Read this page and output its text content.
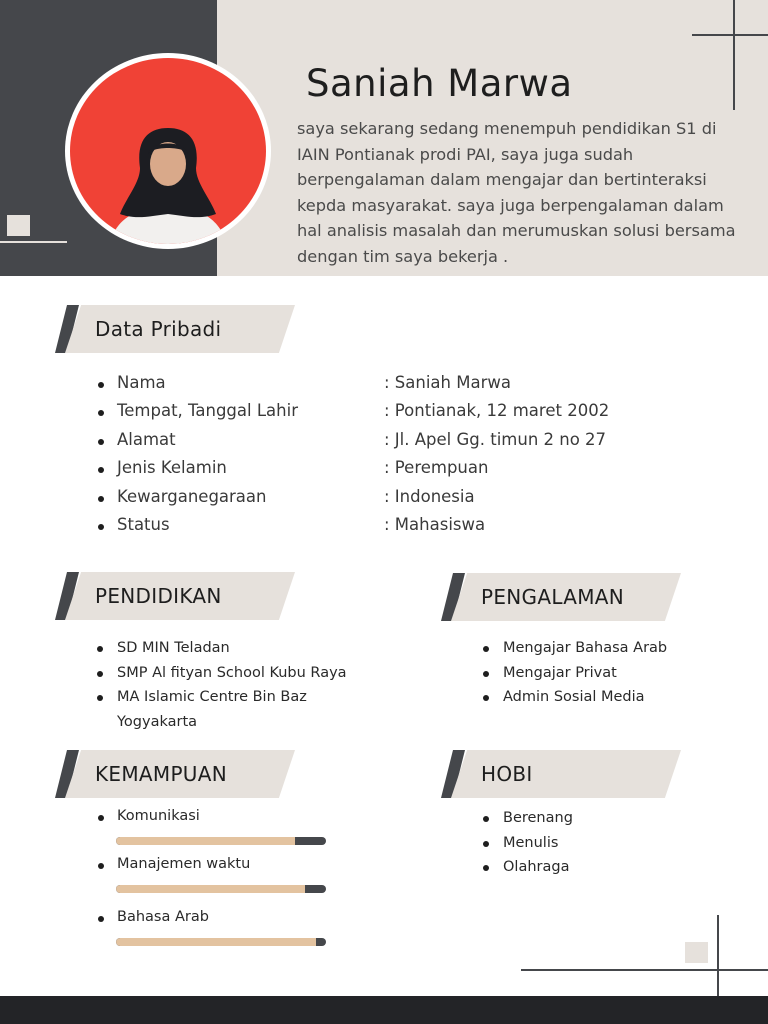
Saniah Marwa
saya sekarang sedang menempuh pendidikan S1 di IAIN Pontianak prodi PAI, saya juga sudah berpengalaman dalam mengajar dan bertinteraksi kepda masyarakat. saya juga berpengalaman dalam hal analisis masalah dan merumuskan solusi bersama dengan tim saya bekerja .
Data Pribadi
Nama	: Saniah Marwa
Tempat, Tanggal Lahir	: Pontianak, 12 maret 2002
Alamat	: Jl. Apel Gg. timun 2 no 27
Jenis Kelamin	: Perempuan
Kewarganegaraan	: Indonesia
Status	: Mahasiswa
PENDIDIKAN
SD MIN Teladan
SMP Al fityan School Kubu Raya
MA Islamic Centre Bin Baz Yogyakarta
PENGALAMAN
Mengajar Bahasa Arab
Mengajar Privat
Admin Sosial Media
KEMAMPUAN
Komunikasi
Manajemen waktu
Bahasa Arab
HOBI
Berenang
Menulis
Olahraga
